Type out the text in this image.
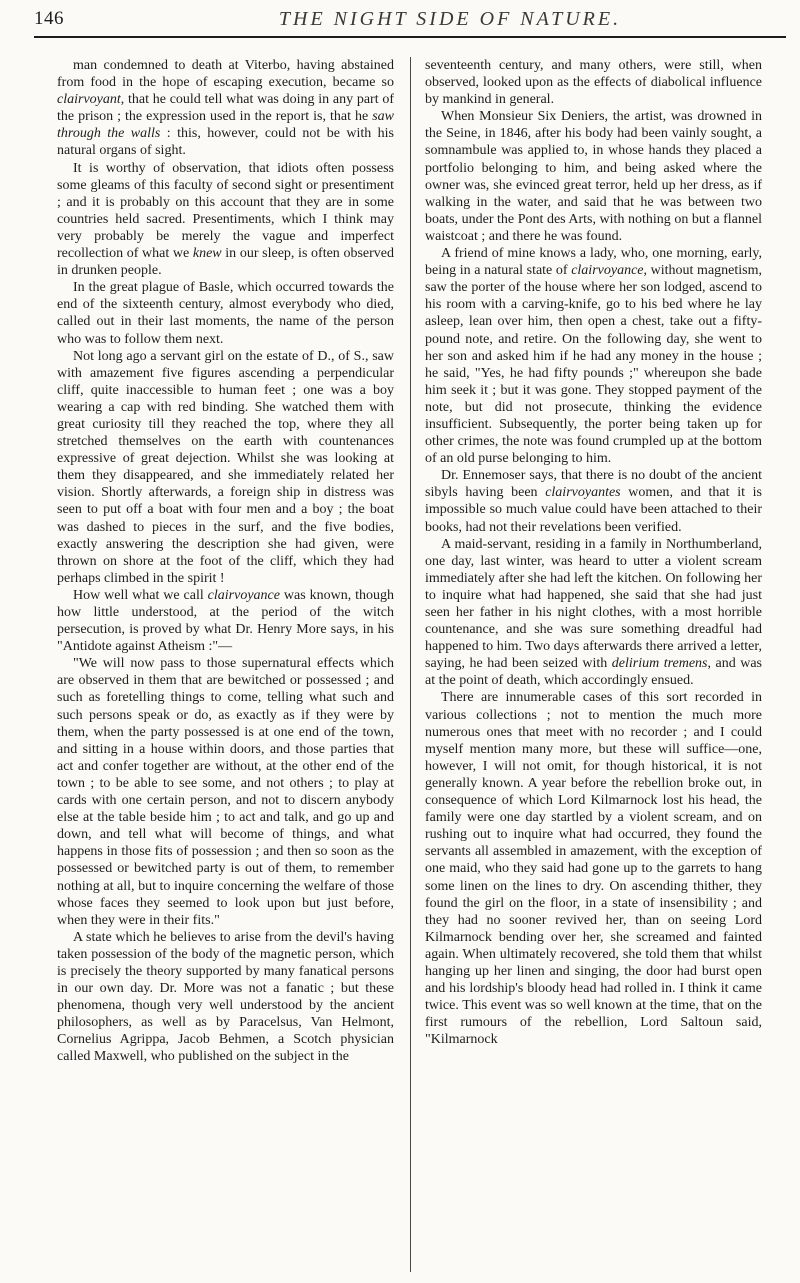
146	THE NIGHT SIDE OF NATURE.

man condemned to death at Viterbo, having abstained from food in the hope of escaping execution, became so clairvoyant, that he could tell what was doing in any part of the prison ; the expression used in the report is, that he saw through the walls : this, however, could not be with his natural organs of sight.

It is worthy of observation, that idiots often possess some gleams of this faculty of second sight or presentiment ; and it is probably on this account that they are in some countries held sacred. Presentiments, which I think may very probably be merely the vague and imperfect recollection of what we knew in our sleep, is often observed in drunken people.

In the great plague of Basle, which occurred towards the end of the sixteenth century, almost everybody who died, called out in their last moments, the name of the person who was to follow them next.

Not long ago a servant girl on the estate of D., of S., saw with amazement five figures ascending a perpendicular cliff, quite inaccessible to human feet ; one was a boy wearing a cap with red binding. She watched them with great curiosity till they reached the top, where they all stretched themselves on the earth with countenances expressive of great dejection. Whilst she was looking at them they disappeared, and she immediately related her vision. Shortly afterwards, a foreign ship in distress was seen to put off a boat with four men and a boy ; the boat was dashed to pieces in the surf, and the five bodies, exactly answering the description she had given, were thrown on shore at the foot of the cliff, which they had perhaps climbed in the spirit !

How well what we call clairvoyance was known, though how little understood, at the period of the witch persecution, is proved by what Dr. Henry More says, in his "Antidote against Atheism :"—

"We will now pass to those supernatural effects which are observed in them that are bewitched or possessed ; and such as foretelling things to come, telling what such and such persons speak or do, as exactly as if they were by them, when the party possessed is at one end of the town, and sitting in a house within doors, and those parties that act and confer together are without, at the other end of the town ; to be able to see some, and not others ; to play at cards with one certain person, and not to discern anybody else at the table beside him ; to act and talk, and go up and down, and tell what will become of things, and what happens in those fits of possession ; and then so soon as the possessed or bewitched party is out of them, to remember nothing at all, but to inquire concerning the welfare of those whose faces they seemed to look upon but just before, when they were in their fits."

A state which he believes to arise from the devil's having taken possession of the body of the magnetic person, which is precisely the theory supported by many fanatical persons in our own day. Dr. More was not a fanatic ; but these phenomena, though very well understood by the ancient philosophers, as well as by Paracelsus, Van Helmont, Cornelius Agrippa, Jacob Behmen, a Scotch physician called Maxwell, who published on the subject in the

seventeenth century, and many others, were still, when observed, looked upon as the effects of diabolical influence by mankind in general.

When Monsieur Six Deniers, the artist, was drowned in the Seine, in 1846, after his body had been vainly sought, a somnambule was applied to, in whose hands they placed a portfolio belonging to him, and being asked where the owner was, she evinced great terror, held up her dress, as if walking in the water, and said that he was between two boats, under the Pont des Arts, with nothing on but a flannel waistcoat ; and there he was found.

A friend of mine knows a lady, who, one morning, early, being in a natural state of clairvoyance, without magnetism, saw the porter of the house where her son lodged, ascend to his room with a carving-knife, go to his bed where he lay asleep, lean over him, then open a chest, take out a fifty-pound note, and retire. On the following day, she went to her son and asked him if he had any money in the house ; he said, "Yes, he had fifty pounds ;" whereupon she bade him seek it ; but it was gone. They stopped payment of the note, but did not prosecute, thinking the evidence insufficient. Subsequently, the porter being taken up for other crimes, the note was found crumpled up at the bottom of an old purse belonging to him.

Dr. Ennemoser says, that there is no doubt of the ancient sibyls having been clairvoyantes women, and that it is impossible so much value could have been attached to their books, had not their revelations been verified.

A maid-servant, residing in a family in Northumberland, one day, last winter, was heard to utter a violent scream immediately after she had left the kitchen. On following her to inquire what had happened, she said that she had just seen her father in his night clothes, with a most horrible countenance, and she was sure something dreadful had happened to him. Two days afterwards there arrived a letter, saying, he had been seized with delirium tremens, and was at the point of death, which accordingly ensued.

There are innumerable cases of this sort recorded in various collections ; not to mention the much more numerous ones that meet with no recorder ; and I could myself mention many more, but these will suffice—one, however, I will not omit, for though historical, it is not generally known. A year before the rebellion broke out, in consequence of which Lord Kilmarnock lost his head, the family were one day startled by a violent scream, and on rushing out to inquire what had occurred, they found the servants all assembled in amazement, with the exception of one maid, who they said had gone up to the garrets to hang some linen on the lines to dry. On ascending thither, they found the girl on the floor, in a state of insensibility ; and they had no sooner revived her, than on seeing Lord Kilmarnock bending over her, she screamed and fainted again. When ultimately recovered, she told them that whilst hanging up her linen and singing, the door had burst open and his lordship's bloody head had rolled in. I think it came twice. This event was so well known at the time, that on the first rumours of the rebellion, Lord Saltoun said, "Kilmarnock
